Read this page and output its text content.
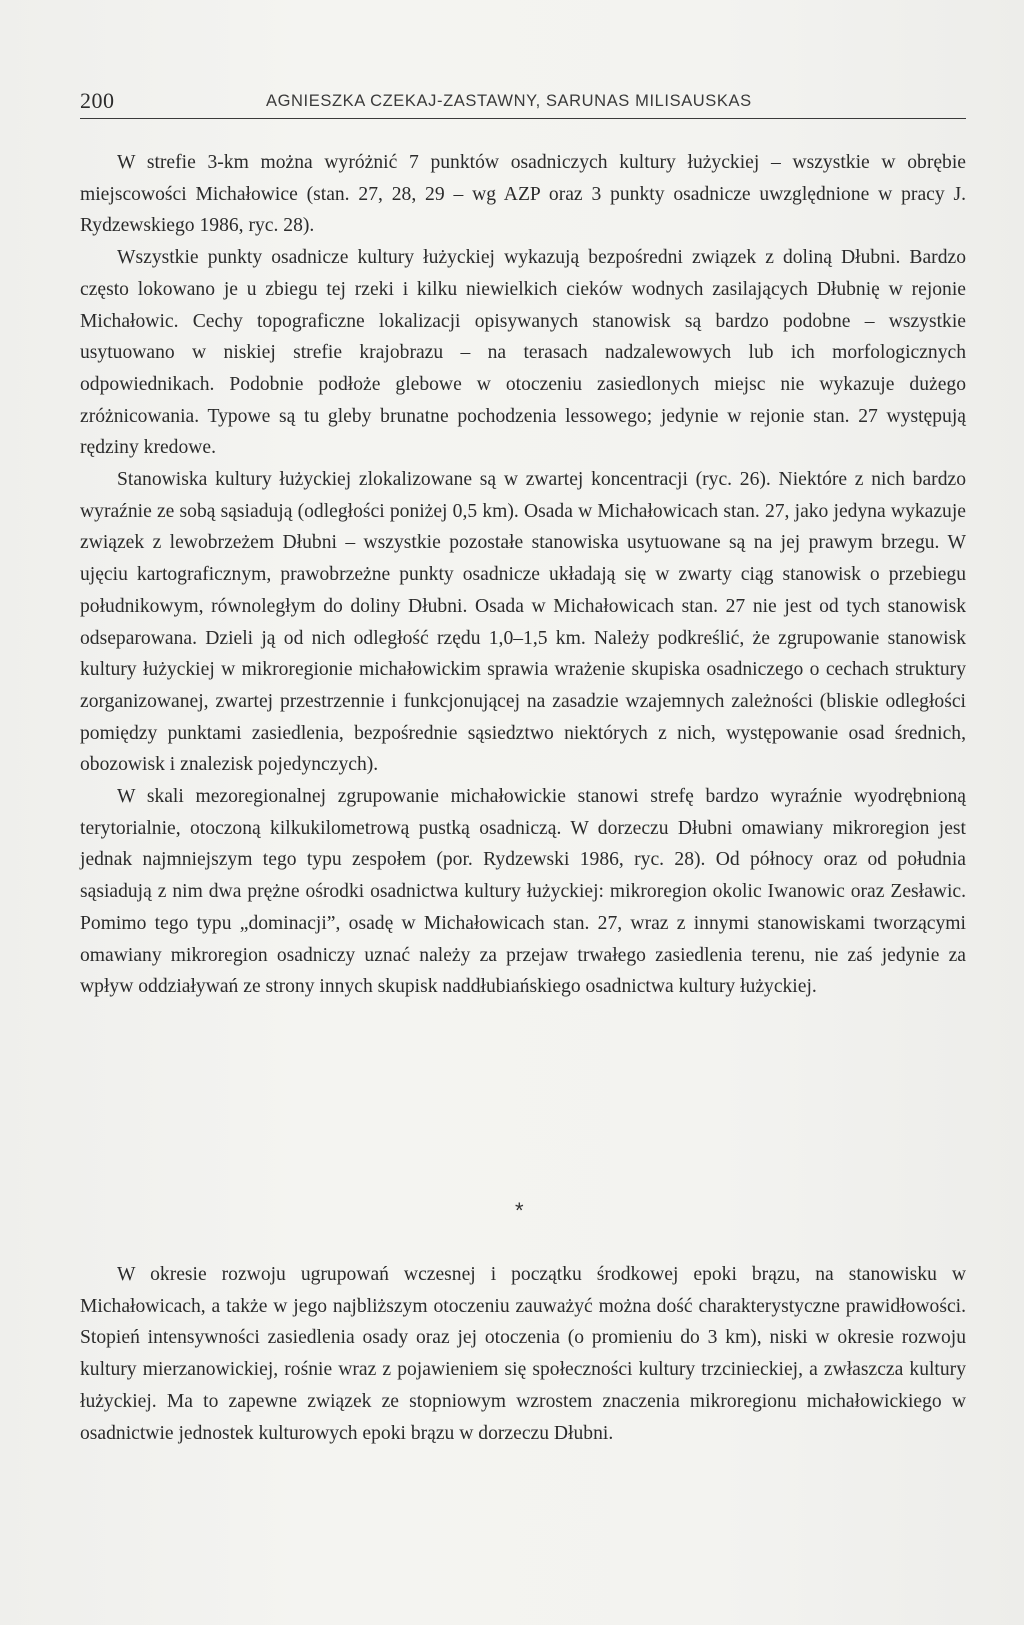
200	AGNIESZKA CZEKAJ-ZASTAWNY, SARUNAS MILISAUSKAS

W strefie 3-km można wyróżnić 7 punktów osadniczych kultury łużyckiej – wszystkie w obrębie miejscowości Michałowice (stan. 27, 28, 29 – wg AZP oraz 3 punkty osadnicze uwzględnione w pracy J. Rydzewskiego 1986, ryc. 28).

Wszystkie punkty osadnicze kultury łużyckiej wykazują bezpośredni związek z doliną Dłubni. Bardzo często lokowano je u zbiegu tej rzeki i kilku niewielkich cieków wodnych zasilających Dłubnię w rejonie Michałowic. Cechy topograficzne lokalizacji opisywanych stanowisk są bardzo podobne – wszystkie usytuowano w niskiej strefie krajobrazu – na terasach nadzalewowych lub ich morfologicznych odpowiednikach. Podobnie podłoże glebowe w otoczeniu zasiedlonych miejsc nie wykazuje dużego zróżnicowania. Typowe są tu gleby brunatne pochodzenia lessowego; jedynie w rejonie stan. 27 występują rędziny kredowe.

Stanowiska kultury łużyckiej zlokalizowane są w zwartej koncentracji (ryc. 26). Niektóre z nich bardzo wyraźnie ze sobą sąsiadują (odległości poniżej 0,5 km). Osada w Michałowicach stan. 27, jako jedyna wykazuje związek z lewobrzeżem Dłubni – wszystkie pozostałe stanowiska usytuowane są na jej prawym brzegu. W ujęciu kartograficznym, prawobrzeżne punkty osadnicze układają się w zwarty ciąg stanowisk o przebiegu południkowym, równoległym do doliny Dłubni. Osada w Michałowicach stan. 27 nie jest od tych stanowisk odseparowana. Dzieli ją od nich odległość rzędu 1,0–1,5 km. Należy podkreślić, że zgrupowanie stanowisk kultury łużyckiej w mikroregionie michałowickim sprawia wrażenie skupiska osadniczego o cechach struktury zorganizowanej, zwartej przestrzennie i funkcjonującej na zasadzie wzajemnych zależności (bliskie odległości pomiędzy punktami zasiedlenia, bezpośrednie sąsiedztwo niektórych z nich, występowanie osad średnich, obozowisk i znalezisk pojedynczych).

W skali mezoregionalnej zgrupowanie michałowickie stanowi strefę bardzo wyraźnie wyodrębnioną terytorialnie, otoczoną kilkukilometrową pustką osadniczą. W dorzeczu Dłubni omawiany mikroregion jest jednak najmniejszym tego typu zespołem (por. Rydzewski 1986, ryc. 28). Od północy oraz od południa sąsiadują z nim dwa prężne ośrodki osadnictwa kultury łużyckiej: mikroregion okolic Iwanowic oraz Zesławic. Pomimo tego typu „dominacji”, osadę w Michałowicach stan. 27, wraz z innymi stanowiskami tworzącymi omawiany mikroregion osadniczy uznać należy za przejaw trwałego zasiedlenia terenu, nie zaś jedynie za wpływ oddziaływań ze strony innych skupisk naddłubiańskiego osadnictwa kultury łużyckiej.

*

W okresie rozwoju ugrupowań wczesnej i początku środkowej epoki brązu, na stanowisku w Michałowicach, a także w jego najbliższym otoczeniu zauważyć można dość charakterystyczne prawidłowości. Stopień intensywności zasiedlenia osady oraz jej otoczenia (o promieniu do 3 km), niski w okresie rozwoju kultury mierzanowickiej, rośnie wraz z pojawieniem się społeczności kultury trzcinieckiej, a zwłaszcza kultury łużyckiej. Ma to zapewne związek ze stopniowym wzrostem znaczenia mikroregionu michałowickiego w osadnictwie jednostek kulturowych epoki brązu w dorzeczu Dłubni.
